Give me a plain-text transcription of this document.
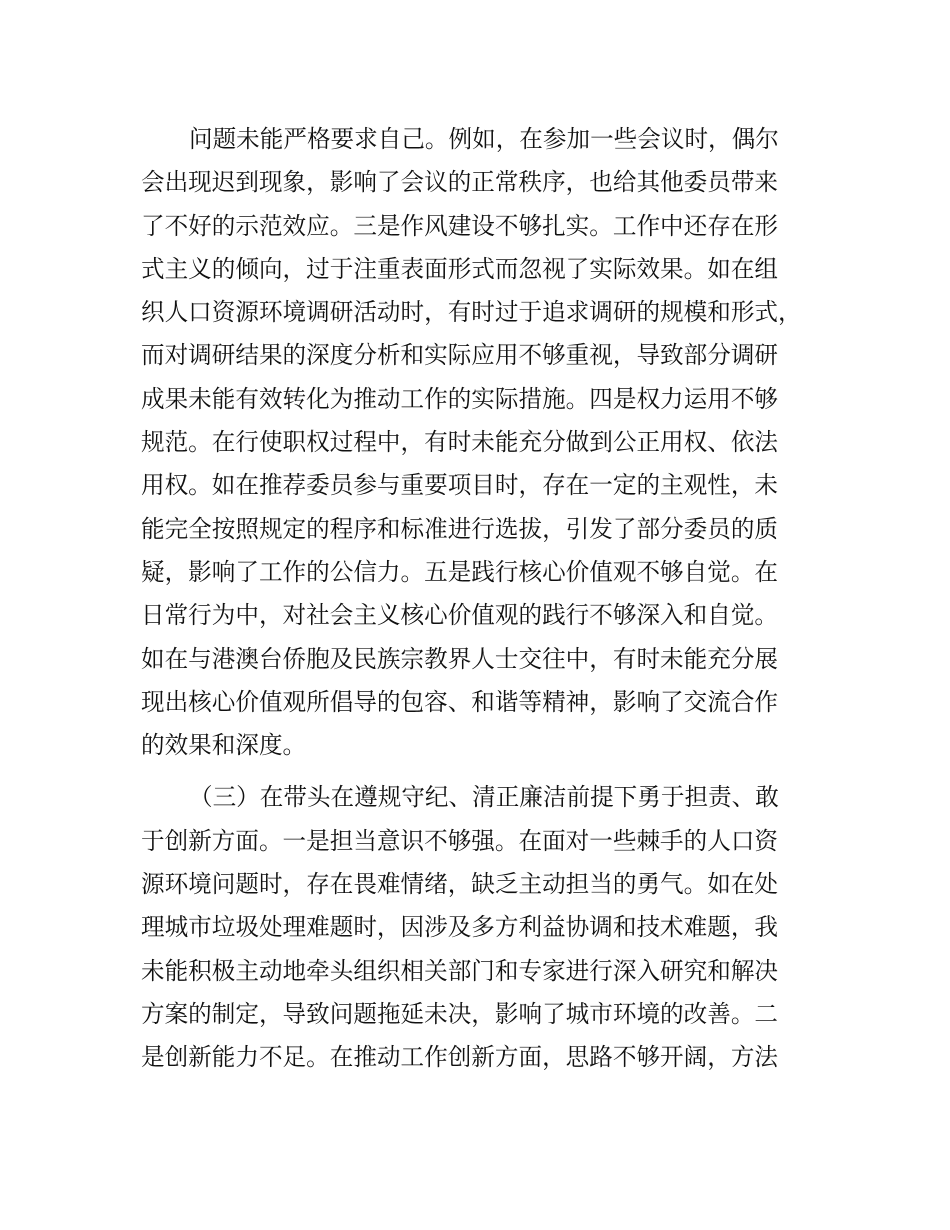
问题未能严格要求自己。例如，在参加一些会议时，偶尔
会出现迟到现象，影响了会议的正常秩序，也给其他委员带来
了不好的示范效应。三是作风建设不够扎实。工作中还存在形
式主义的倾向，过于注重表面形式而忽视了实际效果。如在组
织人口资源环境调研活动时，有时过于追求调研的规模和形式，
而对调研结果的深度分析和实际应用不够重视，导致部分调研
成果未能有效转化为推动工作的实际措施。四是权力运用不够
规范。在行使职权过程中，有时未能充分做到公正用权、依法
用权。如在推荐委员参与重要项目时，存在一定的主观性，未
能完全按照规定的程序和标准进行选拔，引发了部分委员的质
疑，影响了工作的公信力。五是践行核心价值观不够自觉。在
日常行为中，对社会主义核心价值观的践行不够深入和自觉。
如在与港澳台侨胞及民族宗教界人士交往中，有时未能充分展
现出核心价值观所倡导的包容、和谐等精神，影响了交流合作
的效果和深度。
（三）在带头在遵规守纪、清正廉洁前提下勇于担责、敢
于创新方面。一是担当意识不够强。在面对一些棘手的人口资
源环境问题时，存在畏难情绪，缺乏主动担当的勇气。如在处
理城市垃圾处理难题时，因涉及多方利益协调和技术难题，我
未能积极主动地牵头组织相关部门和专家进行深入研究和解决
方案的制定，导致问题拖延未决，影响了城市环境的改善。二
是创新能力不足。在推动工作创新方面，思路不够开阔，方法
